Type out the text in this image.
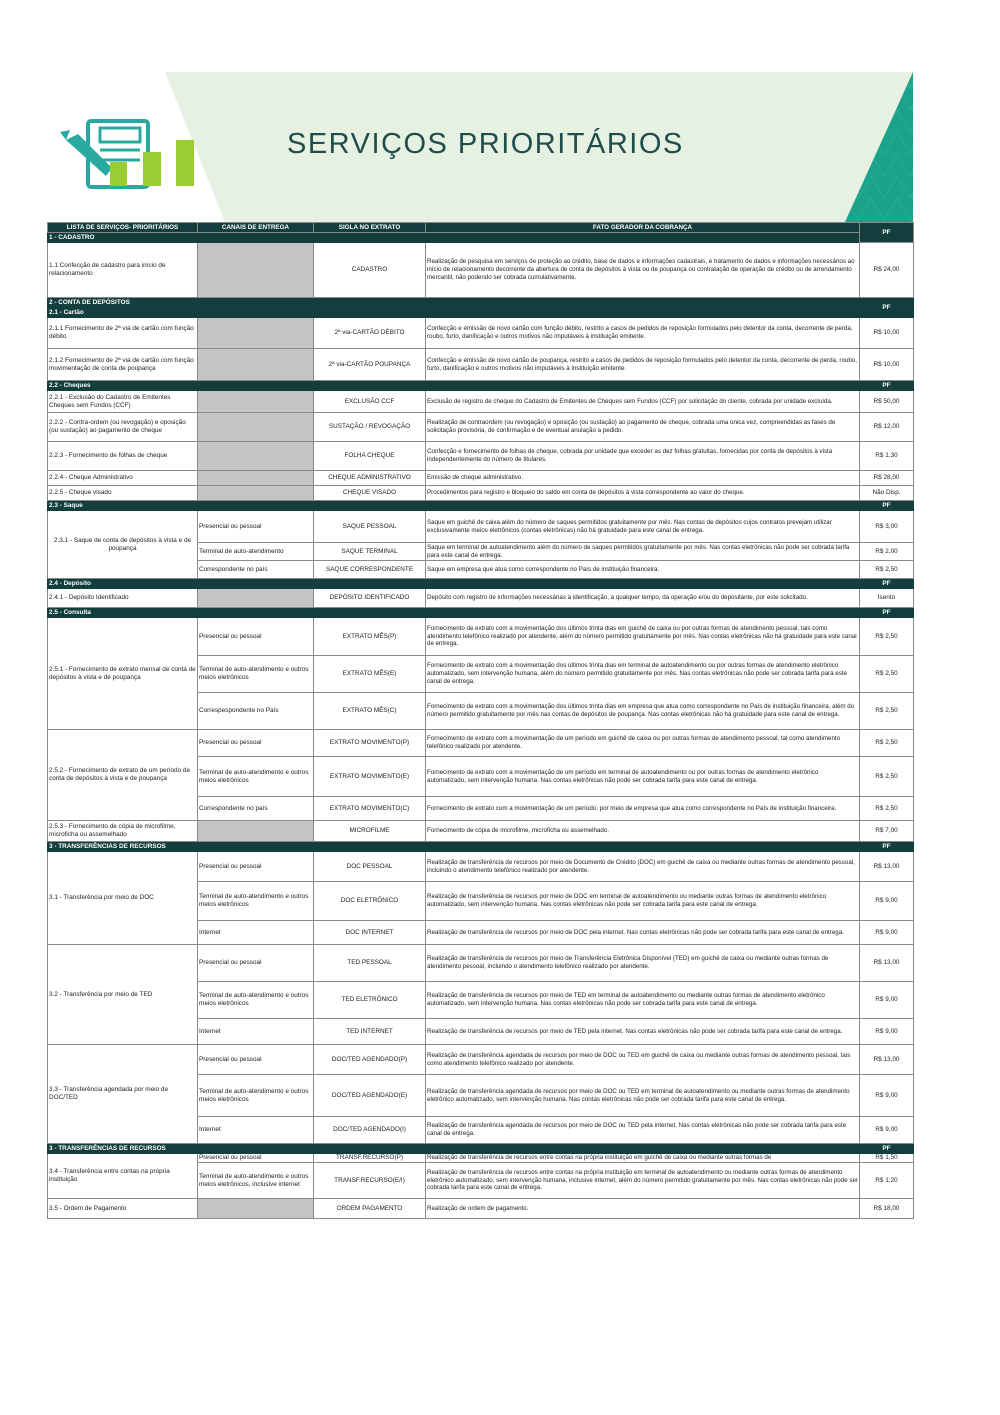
SERVIÇOS PRIORITÁRIOS
LISTA DE SERVIÇOS- PRIORITÁRIOS	CANAIS DE ENTREGA	SIGLA NO EXTRATO	FATO GERADOR DA COBRANÇA	PF
1 - CADASTRO				
1.1 Confecção de cadastro para início de relacionamento		CADASTRO	Realização de pesquisa em serviços de proteção ao crédito, base de dados e informações cadastrais, e tratamento de dados e informações necessários ao início de relacionamento decorrente da abertura de conta de depósitos à vista ou de poupança ou contratação de operação de crédito ou de arrendamento mercantil, não podendo ser cobrada cumulativamente.	R$ 24,00
2 - CONTA DE DEPÓSITOS				PF
2.1 - Cartão				
2.1.1 Fornecimento de 2ª via de cartão com função débito		2ª via-CARTÃO DÉBITO	Confecção e emissão de novo cartão com função débito, restrito a casos de pedidos de reposição formulados pelo detentor da conta, decorrente de perda, roubo, furto, danificação e outros motivos não imputáveis à instituição emitente.	R$ 10,00
2.1.2 Fornecimento de 2ª via de cartão com função movimentação de conta de poupança		2ª via-CARTÃO POUPANÇA	Confecção e emissão de novo cartão de poupança, restrito a casos de pedidos de reposição formulados pelo detentor da conta, decorrente de perda, roubo, furto, danificação e outros motivos não imputáveis à instituição emitente.	R$ 10,00
2.2 - Cheques				PF
2.2.1 - Exclusão do Cadastro de Emitentes Cheques sem Fundos (CCF)		EXCLUSÃO CCF	Exclusão de registro de cheque do Cadastro de Emitentes de Cheques sem Fundos (CCF) por solicitação do cliente, cobrada por unidade excluída.	R$ 50,00
2.2.2 - Contra-ordem (ou revogação) e oposição (ou sustação) ao pagamento de cheque		SUSTAÇÃO / REVOGAÇÃO	Realização de contraordem (ou revogação) e oposição (ou sustação) ao pagamento de cheque, cobrada uma única vez, compreendidas as fases de solicitação provisória, de confirmação e de eventual anulação a pedido.	R$ 12,00
2.2.3 - Fornecimento de folhas de cheque		FOLHA CHEQUE	Confecção e fornecimento de folhas de cheque, cobrada por unidade que exceder as dez folhas gratuitas, fornecidas por conta de depósitos à vista independentemente do número de titulares.	R$ 1,30
2.2.4 - Cheque Administrativo		CHEQUE ADMINISTRATIVO	Emissão de cheque administrativo.	R$ 28,00
2.2.5 - Cheque visado		CHEQUE VISADO	Procedimentos para registro e bloqueio do saldo em conta de depósitos à vista correspondente ao valor do cheque.	Não Disp.
2.3 - Saque				PF
2.3.1 - Saque de conta de depósitos à vista e de poupança	Presencial ou pessoal	SAQUE PESSOAL	Saque em guichê de caixa além do número de saques permitidos gratuitamente por mês. Nas contas de depósitos cujos contratos prevejam utilizar exclusivamente meios eletrônicos (contas eletrônicas) não há gratuidade para este canal de entrega.	R$ 3,00
	Terminal de auto-atendimento	SAQUE TERMINAL	Saque em terminal de autoatendimento além do número de saques permitidos gratuitamente por mês. Nas contas eletrônicas não pode ser cobrada tarifa para este canal de entrega.	R$ 2,00
	Correspondente no país	SAQUE CORRESPONDENTE	Saque em empresa que atua como correspondente no País de instituição financeira.	R$ 2,50
2.4 - Depósito				PF
2.4.1 - Depósito Identificado		DEPÓSITO IDENTIFICADO	Depósito com registro de informações necessárias à identificação, a qualquer tempo, da operação e/ou do depositante, por este solicitado.	Isento
2.5 - Consulta				PF
2.5.1 - Fornecimento de extrato mensal de conta de depósitos à vista e de poupança	Presencial ou pessoal	EXTRATO MÊS(P)	Fornecimento de extrato com a movimentação dos últimos trinta dias em guichê de caixa ou por outras formas de atendimento pessoal, tais como atendimento telefônico realizado por atendente, além do número permitido gratuitamente por mês. Nas contas eletrônicas não há gratuidade para este canal de entrega.	R$ 2,50
	Terminal de auto-atendimento e outros meios eletrônicos	EXTRATO MÊS(E)	Fornecimento de extrato com a movimentação dos últimos trinta dias em terminal de autoatendimento ou por outras formas de atendimento eletrônico automatizado, sem intervenção humana, além do número permitido gratuitamente por mês. Nas contas eletrônicas não pode ser cobrada tarifa para este canal de entrega.	R$ 2,50
	Correspespondente no País	EXTRATO MÊS(C)	Fornecimento de extrato com a movimentação dos últimos trinta dias em empresa que atua como correspondente no País de instituição financeira, além do número permitido gratuitamente por mês nas contas de depósitos de poupança. Nas contas eletrônicas não há gratuidade para este canal de entrega.	R$ 2,50
2.5.2 - Fornecimento de extrato de um período de conta de depósitos à vista e de poupança	Presencial ou pessoal	EXTRATO MOVIMENTO(P)	Fornecimento de extrato com a movimentação de um período em guichê de caixa ou por outras formas de atendimento pessoal, tal como atendimento telefônico realizado por atendente.	R$ 2,50
	Terminal de auto-atendimento e outros meios eletrônicos	EXTRATO MOVIMENTO(E)	Fornecimento de extrato com a movimentação de um período em terminal de autoatendimento ou por outras formas de atendimento eletrônico automatizado, sem intervenção humana. Nas contas eletrônicas não pode ser cobrada tarifa para este canal de entrega.	R$ 2,50
	Correspondente no país	EXTRATO MOVIMENTO(C)	Fornecimento de extrato com a movimentação de um período, por meio de empresa que atua como correspondente no País de instituição financeira.	R$ 2,50
2.5.3 - Fornecimento de cópia de microfilme, microficha ou assemelhado		MICROFILME	Fornecimento de cópia de microfilme, microficha ou assemelhado.	R$ 7,00
3 - TRANSFERÊNCIAS DE RECURSOS				PF
3.1 - Transferência por meio de DOC	Presencial ou pessoal	DOC PESSOAL	Realização de transferência de recursos por meio de Documento de Crédito (DOC) em guichê de caixa ou mediante outras formas de atendimento pessoal, incluindo o atendimento telefônico realizado por atendente.	R$ 13,00
	Terminal de auto-atendimento e outros meios eletrônicos	DOC ELETRÔNICO	Realização de transferência de recursos por meio de DOC em terminal de autoatendimento ou mediante outras formas de atendimento eletrônico automatizado, sem intervenção humana. Nas contas eletrônicas não pode ser cobrada tarifa para este canal de entrega.	R$ 9,00
	Internet	DOC INTERNET	Realização de transferência de recursos por meio de DOC pela internet. Nas contas eletrônicas não pode ser cobrada tarifa para este canal de entrega.	R$ 9,00
3.2 - Transferência por meio de TED	Presencial ou pessoal	TED PESSOAL	Realização de transferência de recursos por meio de Transferência Eletrônica Disponível (TED) em guichê de caixa ou mediante outras formas de atendimento pessoal, incluindo o atendimento telefônico realizado por atendente.	R$ 13,00
	Terminal de auto-atendimento e outros meios eletrônicos	TED ELETRÔNICO	Realização de transferência de recursos por meio de TED em terminal de autoatendimento ou mediante outras formas de atendimento eletrônico automatizado, sem intervenção humana. Nas contas eletrônicas não pode ser cobrada tarifa para este canal de entrega.	R$ 9,00
	Internet	TED INTERNET	Realização de transferência de recursos por meio de TED pela internet. Nas contas eletrônicas não pode ser cobrada tarifa para este canal de entrega.	R$ 9,00
3.3 - Transferência agendada por meio de DOC/TED	Presencial ou pessoal	DOC/TED AGENDADO(P)	Realização de transferência agendada de recursos por meio de DOC ou TED em guichê de caixa ou mediante outras formas de atendimento pessoal, tais como atendimento telefônico realizado por atendente.	R$ 13,00
	Terminal de auto-atendimento e outros meios eletrônicos	DOC/TED AGENDADO(E)	Realização de transferência agendada de recursos por meio de DOC ou TED em terminal de autoatendimento ou mediante outras formas de atendimento eletrônico automatizado, sem intervenção humana. Nas contas eletrônicas não pode ser cobrada tarifa para este canal de entrega.	R$ 9,00
	Internet	DOC/TED AGENDADO(I)	Realização de transferência agendada de recursos por meio de DOC ou TED pela internet. Nas contas eletrônicas não pode ser cobrada tarifa para este canal de entrega.	R$ 9,00
3 - TRANSFERÊNCIAS DE RECURSOS				PF
3.4 - Transferência entre contas na própria instituição	Presencial ou pessoal	TRANSF.RECURSO(P)	Realização de transferência de recursos entre contas na própria instituição em guichê de caixa ou mediante outras formas de	R$ 1,50
	Terminal de auto-atendimento e outros meios eletrônicos, inclusive internet	TRANSF.RECURSO(E/I)	Realização de transferência de recursos entre contas na própria instituição em terminal de autoatendimento ou mediante outras formas de atendimento eletrônico automatizado, sem intervenção humana, inclusive internet, além do número permitido gratuitamente por mês. Nas contas eletrônicas não pode ser cobrada tarifa para este canal de entrega.	R$ 1,20
3.5 - Ordem de Pagamento		ORDEM PAGAMENTO	Realização de ordem de pagamento.	R$ 18,00
